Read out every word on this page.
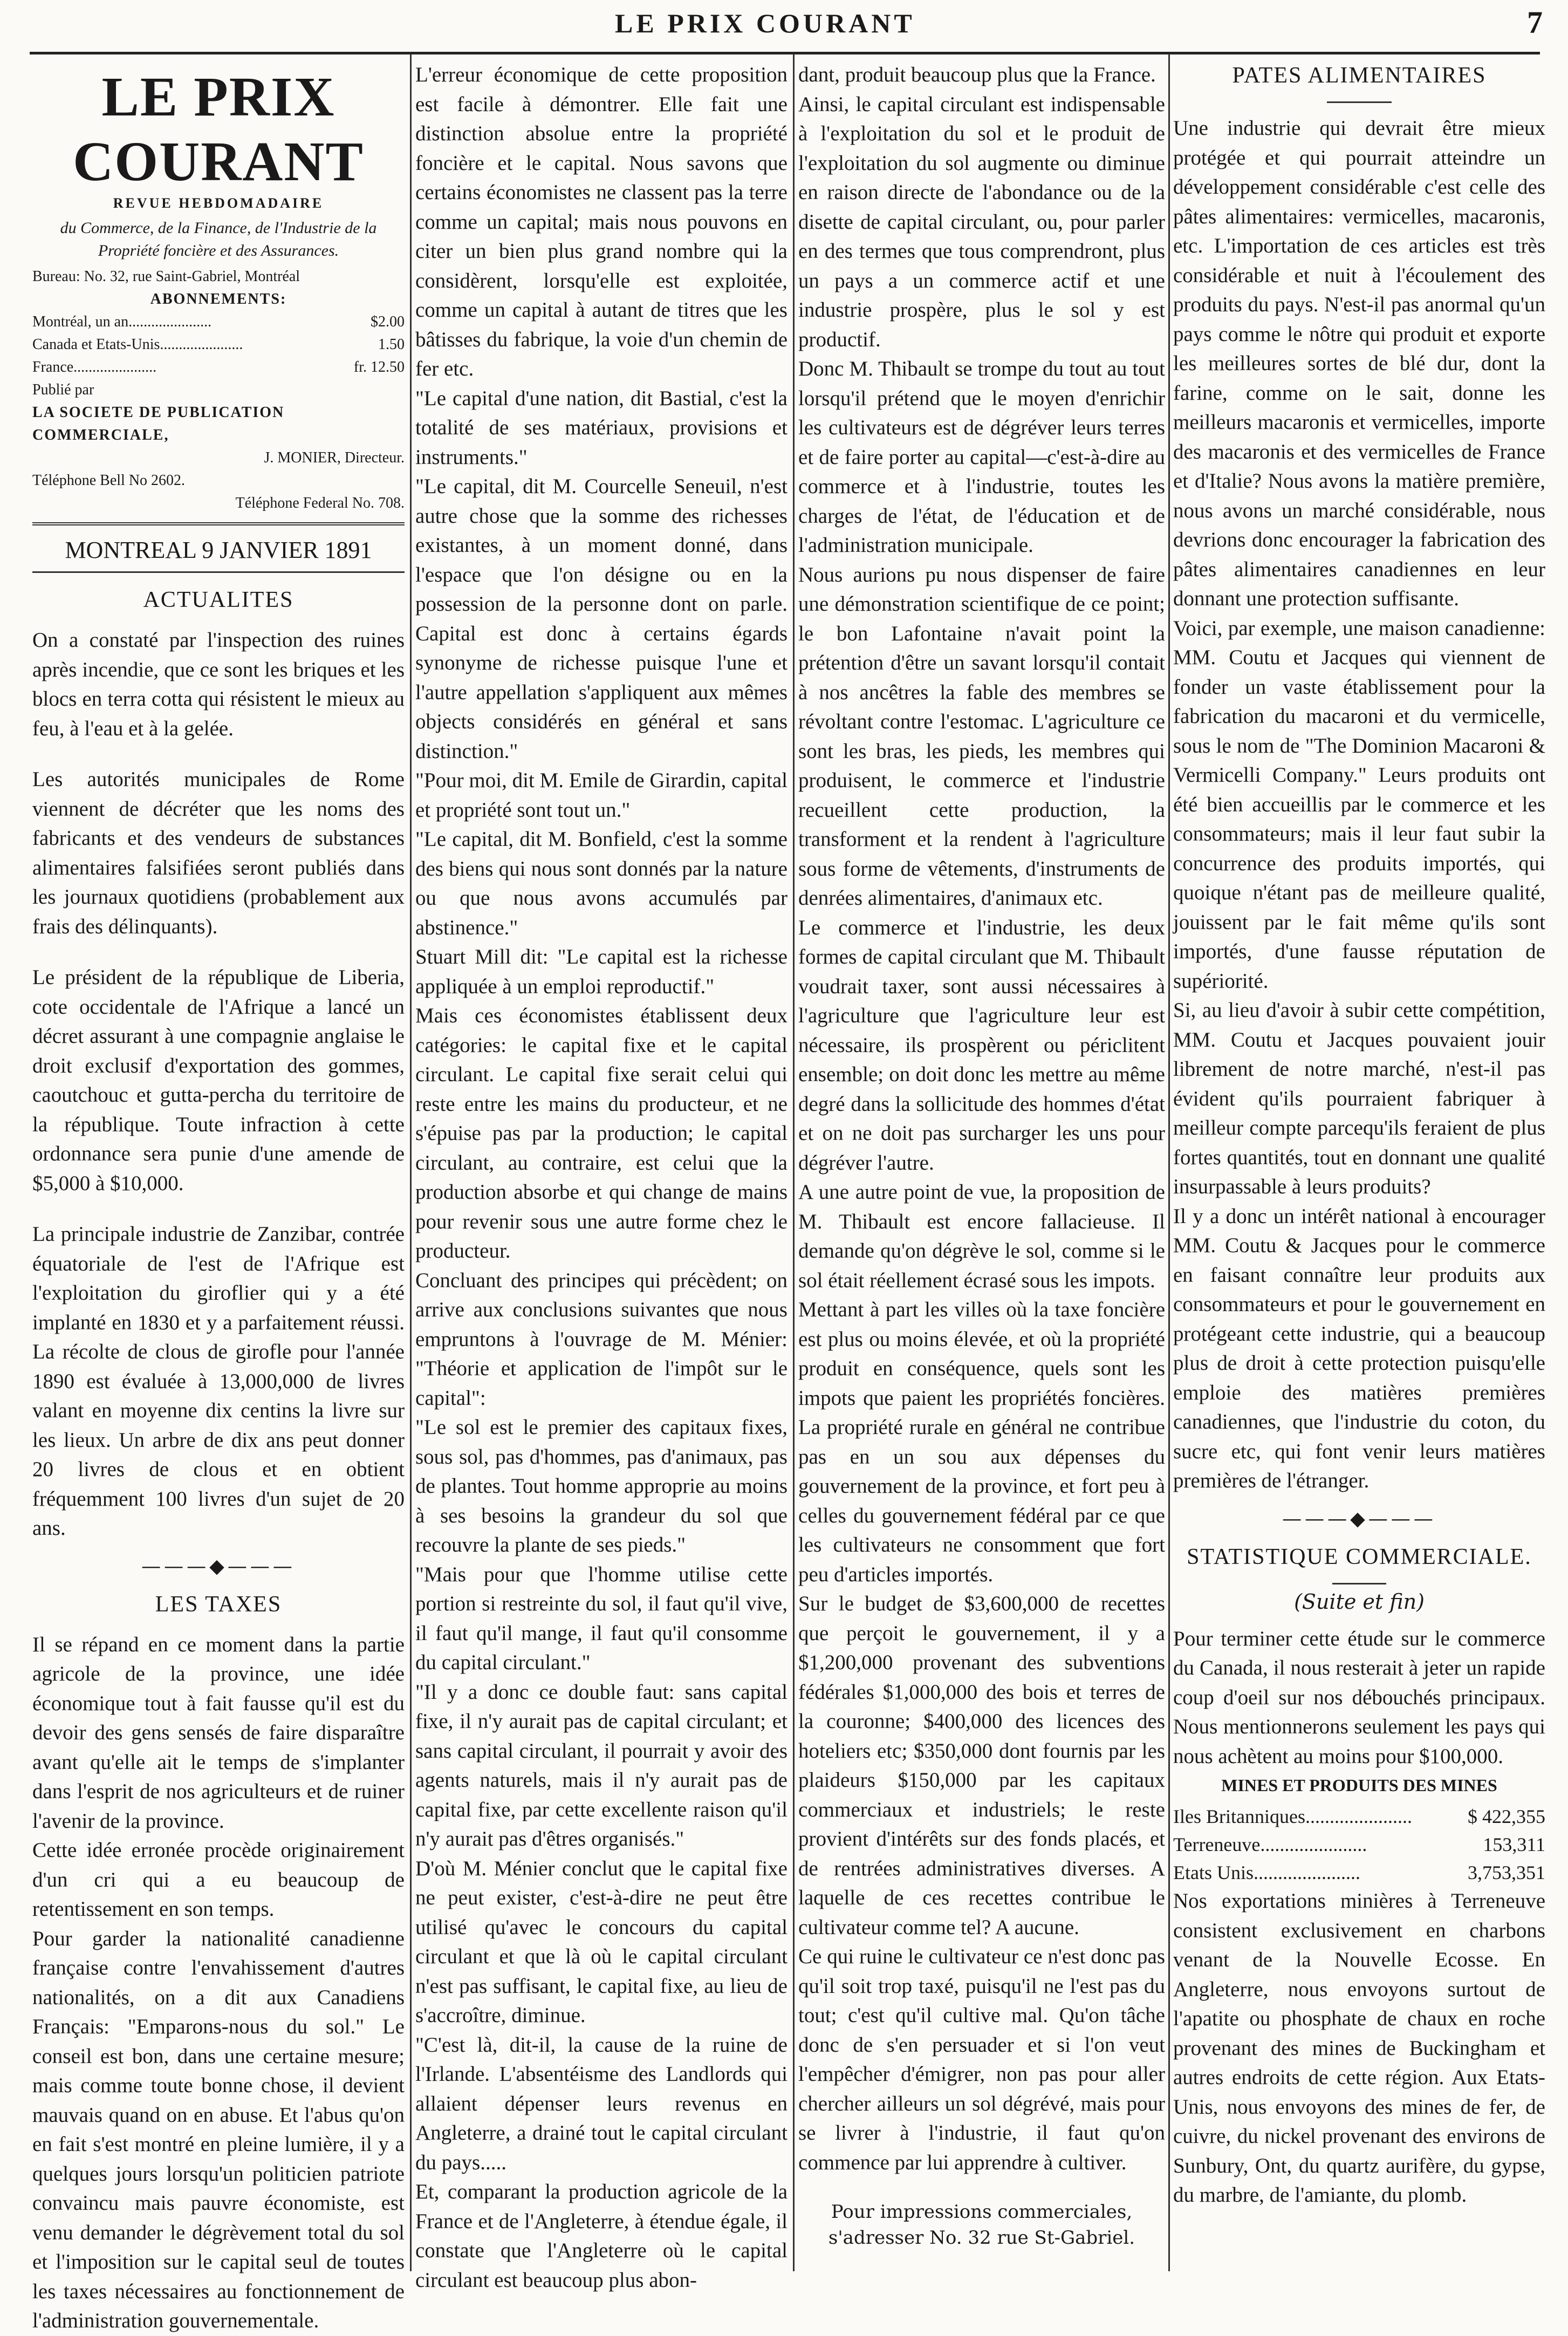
LE PRIX COURANT	7
LE PRIX COURANT
REVUE HEBDOMADAIRE
du Commerce, de la Finance, de l'Industrie de la Propriété foncière et des Assurances.
Bureau: No. 32, rue Saint-Gabriel, Montréal
ABONNEMENTS:
Montréal, un an......................	$2.00
Canada et Etats-Unis......................	1.50
France......................	fr. 12.50
Publié par
LA SOCIETE DE PUBLICATION COMMERCIALE,
J. MONIER, Directeur.
Téléphone Bell No 2602.
Téléphone Federal No. 708.
MONTREAL 9 JANVIER 1891
ACTUALITES

On a constaté par l'inspection des ruines après incendie, que ce sont les briques et les blocs en terra cotta qui résistent le mieux au feu, à l'eau et à la gelée.

Les autorités municipales de Rome viennent de décréter que les noms des fabricants et des vendeurs de substances alimentaires falsifiées seront publiés dans les journaux quotidiens (probablement aux frais des délinquants).

Le président de la république de Liberia, cote occidentale de l'Afrique a lancé un décret assurant à une compagnie anglaise le droit exclusif d'exportation des gommes, caoutchouc et gutta-percha du territoire de la république. Toute infraction à cette ordonnance sera punie d'une amende de $5,000 à $10,000.

La principale industrie de Zanzibar, contrée équatoriale de l'est de l'Afrique est l'exploitation du giroflier qui y a été implanté en 1830 et y a parfaitement réussi. La récolte de clous de girofle pour l'année 1890 est évaluée à 13,000,000 de livres valant en moyenne dix centins la livre sur les lieux. Un arbre de dix ans peut donner 20 livres de clous et en obtient fréquemment 100 livres d'un sujet de 20 ans.

———◆———
LES TAXES

Il se répand en ce moment dans la partie agricole de la province, une idée économique tout à fait fausse qu'il est du devoir des gens sensés de faire disparaître avant qu'elle ait le temps de s'implanter dans l'esprit de nos agriculteurs et de ruiner l'avenir de la province.

Cette idée erronée procède originairement d'un cri qui a eu beaucoup de retentissement en son temps.

Pour garder la nationalité canadienne française contre l'envahissement d'autres nationalités, on a dit aux Canadiens Français: "Emparons-nous du sol." Le conseil est bon, dans une certaine mesure; mais comme toute bonne chose, il devient mauvais quand on en abuse. Et l'abus qu'on en fait s'est montré en pleine lumière, il y a quelques jours lorsqu'un politicien patriote convaincu mais pauvre économiste, est venu demander le dégrèvement total du sol et l'imposition sur le capital seul de toutes les taxes nécessaires au fonctionnement de l'administration gouvernementale.

L'erreur économique de cette proposition est facile à démontrer. Elle fait une distinction absolue entre la propriété foncière et le capital. Nous savons que certains économistes ne classent pas la terre comme un capital; mais nous pouvons en citer un bien plus grand nombre qui la considèrent, lorsqu'elle est exploitée, comme un capital à autant de titres que les bâtisses du fabrique, la voie d'un chemin de fer etc.

"Le capital d'une nation, dit Bastial, c'est la totalité de ses matériaux, provisions et instruments."

"Le capital, dit M. Courcelle Seneuil, n'est autre chose que la somme des richesses existantes, à un moment donné, dans l'espace que l'on désigne ou en la possession de la personne dont on parle. Capital est donc à certains égards synonyme de richesse puisque l'une et l'autre appellation s'appliquent aux mêmes objects considérés en général et sans distinction."

"Pour moi, dit M. Emile de Girardin, capital et propriété sont tout un."

"Le capital, dit M. Bonfield, c'est la somme des biens qui nous sont donnés par la nature ou que nous avons accumulés par abstinence."

Stuart Mill dit: "Le capital est la richesse appliquée à un emploi reproductif."

Mais ces économistes établissent deux catégories: le capital fixe et le capital circulant. Le capital fixe serait celui qui reste entre les mains du producteur, et ne s'épuise pas par la production; le capital circulant, au contraire, est celui que la production absorbe et qui change de mains pour revenir sous une autre forme chez le producteur.

Concluant des principes qui précèdent; on arrive aux conclusions suivantes que nous empruntons à l'ouvrage de M. Ménier: "Théorie et application de l'impôt sur le capital":

"Le sol est le premier des capitaux fixes, sous sol, pas d'hommes, pas d'animaux, pas de plantes. Tout homme approprie au moins à ses besoins la grandeur du sol que recouvre la plante de ses pieds."

"Mais pour que l'homme utilise cette portion si restreinte du sol, il faut qu'il vive, il faut qu'il mange, il faut qu'il consomme du capital circulant."

"Il y a donc ce double faut: sans capital fixe, il n'y aurait pas de capital circulant; et sans capital circulant, il pourrait y avoir des agents naturels, mais il n'y aurait pas de capital fixe, par cette excellente raison qu'il n'y aurait pas d'êtres organisés."

D'où M. Ménier conclut que le capital fixe ne peut exister, c'est-à-dire ne peut être utilisé qu'avec le concours du capital circulant et que là où le capital circulant n'est pas suffisant, le capital fixe, au lieu de s'accroître, diminue.

"C'est là, dit-il, la cause de la ruine de l'Irlande. L'absentéisme des Landlords qui allaient dépenser leurs revenus en Angleterre, a drainé tout le capital circulant du pays.....

Et, comparant la production agricole de la France et de l'Angleterre, à étendue égale, il constate que l'Angleterre où le capital circulant est beaucoup plus abon-

dant, produit beaucoup plus que la France.

Ainsi, le capital circulant est indispensable à l'exploitation du sol et le produit de l'exploitation du sol augmente ou diminue en raison directe de l'abondance ou de la disette de capital circulant, ou, pour parler en des termes que tous comprendront, plus un pays a un commerce actif et une industrie prospère, plus le sol y est productif.

Donc M. Thibault se trompe du tout au tout lorsqu'il prétend que le moyen d'enrichir les cultivateurs est de dégréver leurs terres et de faire porter au capital—c'est-à-dire au commerce et à l'industrie, toutes les charges de l'état, de l'éducation et de l'administration municipale.

Nous aurions pu nous dispenser de faire une démonstration scientifique de ce point; le bon Lafontaine n'avait point la prétention d'être un savant lorsqu'il contait à nos ancêtres la fable des membres se révoltant contre l'estomac. L'agriculture ce sont les bras, les pieds, les membres qui produisent, le commerce et l'industrie recueillent cette production, la transforment et la rendent à l'agriculture sous forme de vêtements, d'instruments de denrées alimentaires, d'animaux etc.

Le commerce et l'industrie, les deux formes de capital circulant que M. Thibault voudrait taxer, sont aussi nécessaires à l'agriculture que l'agriculture leur est nécessaire, ils prospèrent ou périclitent ensemble; on doit donc les mettre au même degré dans la sollicitude des hommes d'état et on ne doit pas surcharger les uns pour dégréver l'autre.

A une autre point de vue, la proposition de M. Thibault est encore fallacieuse. Il demande qu'on dégrève le sol, comme si le sol était réellement écrasé sous les impots.

Mettant à part les villes où la taxe foncière est plus ou moins élevée, et où la propriété produit en conséquence, quels sont les impots que paient les propriétés foncières. La propriété rurale en général ne contribue pas en un sou aux dépenses du gouvernement de la province, et fort peu à celles du gouvernement fédéral par ce que les cultivateurs ne consomment que fort peu d'articles importés.

Sur le budget de $3,600,000 de recettes que perçoit le gouvernement, il y a $1,200,000 provenant des subventions fédérales $1,000,000 des bois et terres de la couronne; $400,000 des licences des hoteliers etc; $350,000 dont fournis par les plaideurs $150,000 par les capitaux commerciaux et industriels; le reste provient d'intérêts sur des fonds placés, et de rentrées administratives diverses. A laquelle de ces recettes contribue le cultivateur comme tel? A aucune.

Ce qui ruine le cultivateur ce n'est donc pas qu'il soit trop taxé, puisqu'il ne l'est pas du tout; c'est qu'il cultive mal. Qu'on tâche donc de s'en persuader et si l'on veut l'empêcher d'émigrer, non pas pour aller chercher ailleurs un sol dégrévé, mais pour se livrer à l'industrie, il faut qu'on commence par lui apprendre à cultiver.

Pour impressions commerciales, s'adresser No. 32 rue St-Gabriel.
PATES ALIMENTAIRES

Une industrie qui devrait être mieux protégée et qui pourrait atteindre un développement considérable c'est celle des pâtes alimentaires: vermicelles, macaronis, etc. L'importation de ces articles est très considérable et nuit à l'écoulement des produits du pays. N'est-il pas anormal qu'un pays comme le nôtre qui produit et exporte les meilleures sortes de blé dur, dont la farine, comme on le sait, donne les meilleurs macaronis et vermicelles, importe des macaronis et des vermicelles de France et d'Italie? Nous avons la matière première, nous avons un marché considérable, nous devrions donc encourager la fabrication des pâtes alimentaires canadiennes en leur donnant une protection suffisante.

Voici, par exemple, une maison canadienne: MM. Coutu et Jacques qui viennent de fonder un vaste établissement pour la fabrication du macaroni et du vermicelle, sous le nom de "The Dominion Macaroni & Vermicelli Company." Leurs produits ont été bien accueillis par le commerce et les consommateurs; mais il leur faut subir la concurrence des produits importés, qui quoique n'étant pas de meilleure qualité, jouissent par le fait même qu'ils sont importés, d'une fausse réputation de supériorité.

Si, au lieu d'avoir à subir cette compétition, MM. Coutu et Jacques pouvaient jouir librement de notre marché, n'est-il pas évident qu'ils pourraient fabriquer à meilleur compte parcequ'ils feraient de plus fortes quantités, tout en donnant une qualité insurpassable à leurs produits?

Il y a donc un intérêt national à encourager MM. Coutu & Jacques pour le commerce en faisant connaître leur produits aux consommateurs et pour le gouvernement en protégeant cette industrie, qui a beaucoup plus de droit à cette protection puisqu'elle emploie des matières premières canadiennes, que l'industrie du coton, du sucre etc, qui font venir leurs matières premières de l'étranger.

———◆———
STATISTIQUE COMMERCIALE.
(Suite et fin)

Pour terminer cette étude sur le commerce du Canada, il nous resterait à jeter un rapide coup d'oeil sur nos débouchés principaux. Nous mentionnerons seulement les pays qui nous achètent au moins pour $100,000.

MINES ET PRODUITS DES MINES
Iles Britanniques......................	$ 422,355
Terreneuve......................	153,311
Etats Unis......................	3,753,351

Nos exportations minières à Terreneuve consistent exclusivement en charbons venant de la Nouvelle Ecosse. En Angleterre, nous envoyons surtout de l'apatite ou phosphate de chaux en roche provenant des mines de Buckingham et autres endroits de cette région. Aux Etats-Unis, nous envoyons des mines de fer, de cuivre, du nickel provenant des environs de Sunbury, Ont, du quartz aurifère, du gypse, du marbre, de l'amiante, du plomb.
